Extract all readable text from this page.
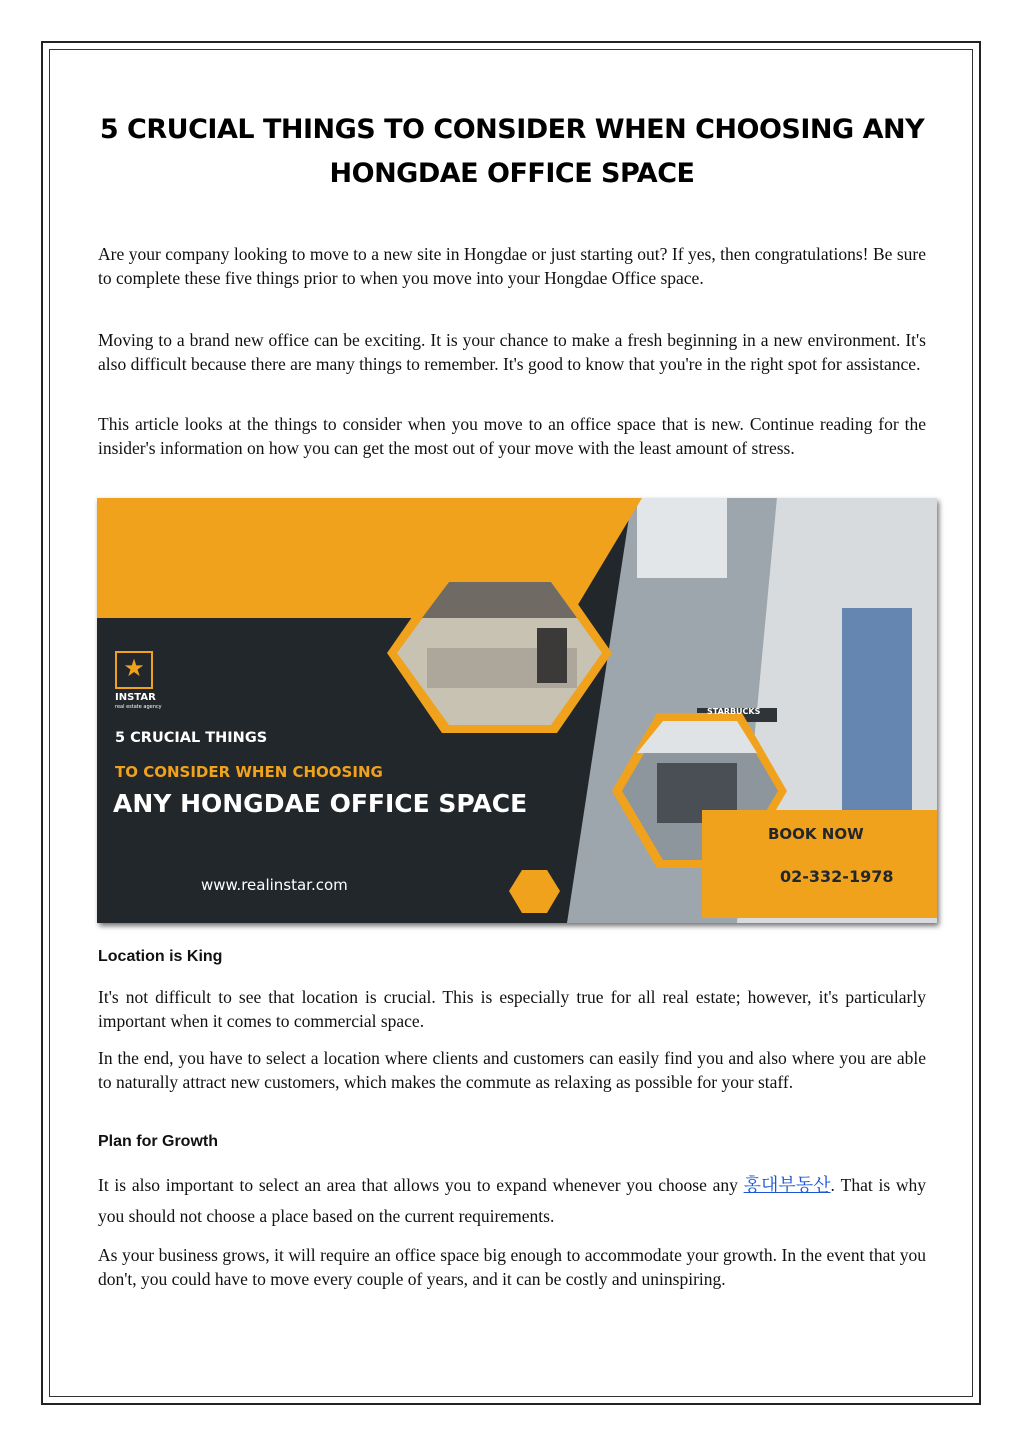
5 CRUCIAL THINGS TO CONSIDER WHEN CHOOSING ANY
HONGDAE OFFICE SPACE

Are your company looking to move to a new site in Hongdae or just starting out? If yes, then congratulations! Be sure to complete these five things prior to when you move into your Hongdae Office space.

Moving to a brand new office can be exciting. It is your chance to make a fresh beginning in a new environment. It's also difficult because there are many things to remember. It's good to know that you're in the right spot for assistance.

This article looks at the things to consider when you move to an office space that is new. Continue reading for the insider's information on how you can get the most out of your move with the least amount of stress.

★
INSTAR
real estate agency
5 CRUCIAL THINGS
TO CONSIDER WHEN CHOOSING
ANY HONGDAE OFFICE SPACE
www.realinstar.com
BOOK NOW
02-332-1978
STARBUCKS

Location is King

It's not difficult to see that location is crucial. This is especially true for all real estate; however, it's particularly important when it comes to commercial space.

In the end, you have to select a location where clients and customers can easily find you and also where you are able to naturally attract new customers, which makes the commute as relaxing as possible for your staff.

Plan for Growth

It is also important to select an area that allows you to expand whenever you choose any 홍대부동산. That is why you should not choose a place based on the current requirements.

As your business grows, it will require an office space big enough to accommodate your growth. In the event that you don't, you could have to move every couple of years, and it can be costly and uninspiring.
